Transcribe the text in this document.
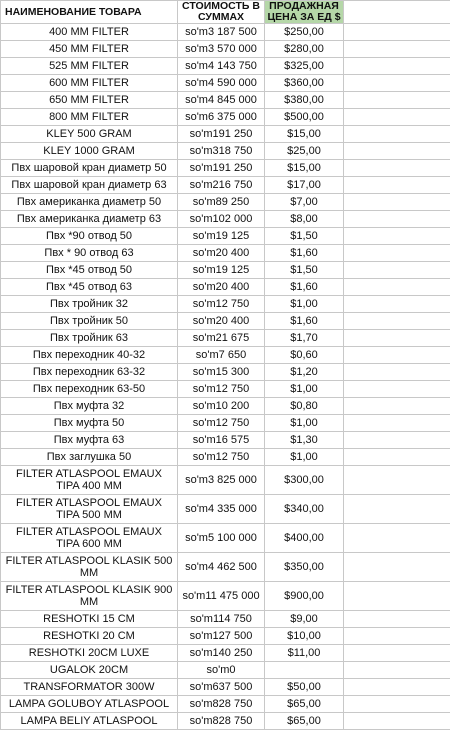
НАИМЕНОВАНИЕ ТОВАРА	СТОИМОСТЬ В СУММАХ	ПРОДАЖНАЯ ЦЕНА ЗА ЕД $	
400 MM FILTER	so'm3 187 500	$250,00	
450 MM FILTER	so'm3 570 000	$280,00	
525 MM FILTER	so'm4 143 750	$325,00	
600 MM FILTER	so'm4 590 000	$360,00	
650 MM FILTER	so'm4 845 000	$380,00	
800 MM FILTER	so'm6 375 000	$500,00	
KLEY 500 GRAM	so'm191 250	$15,00	
KLEY 1000 GRAM	so'm318 750	$25,00	
Пвх шаровой кран диаметр 50	so'm191 250	$15,00	
Пвх шаровой кран диаметр 63	so'm216 750	$17,00	
Пвх американка диаметр 50	so'm89 250	$7,00	
Пвх американка диаметр 63	so'm102 000	$8,00	
Пвх *90 отвод 50	so'm19 125	$1,50	
Пвх * 90 отвод 63	so'm20 400	$1,60	
Пвх *45 отвод 50	so'm19 125	$1,50	
Пвх *45 отвод 63	so'm20 400	$1,60	
Пвх тройник 32	so'm12 750	$1,00	
Пвх тройник 50	so'm20 400	$1,60	
Пвх тройник 63	so'm21 675	$1,70	
Пвх переходник 40-32	so'm7 650	$0,60	
Пвх переходник 63-32	so'm15 300	$1,20	
Пвх переходник 63-50	so'm12 750	$1,00	
Пвх муфта 32	so'm10 200	$0,80	
Пвх муфта 50	so'm12 750	$1,00	
Пвх муфта 63	so'm16 575	$1,30	
Пвх заглушка 50	so'm12 750	$1,00	
FILTER ATLASPOOL EMAUX TIPA 400 MM	so'm3 825 000	$300,00	
FILTER ATLASPOOL EMAUX TIPA 500 MM	so'm4 335 000	$340,00	
FILTER ATLASPOOL EMAUX TIPA 600 MM	so'm5 100 000	$400,00	
FILTER ATLASPOOL KLASIK 500 MM	so'm4 462 500	$350,00	
FILTER ATLASPOOL KLASIK 900 MM	so'm11 475 000	$900,00	
RESHOTKI 15 CM	so'm114 750	$9,00	
RESHOTKI 20 CM	so'm127 500	$10,00	
RESHOTKI 20CM LUXE	so'm140 250	$11,00	
UGALOK 20CM	so'm0		
TRANSFORMATOR 300W	so'm637 500	$50,00	
LAMPA GOLUBOY ATLASPOOL	so'm828 750	$65,00	
LAMPA BELIY ATLASPOOL	so'm828 750	$65,00	
